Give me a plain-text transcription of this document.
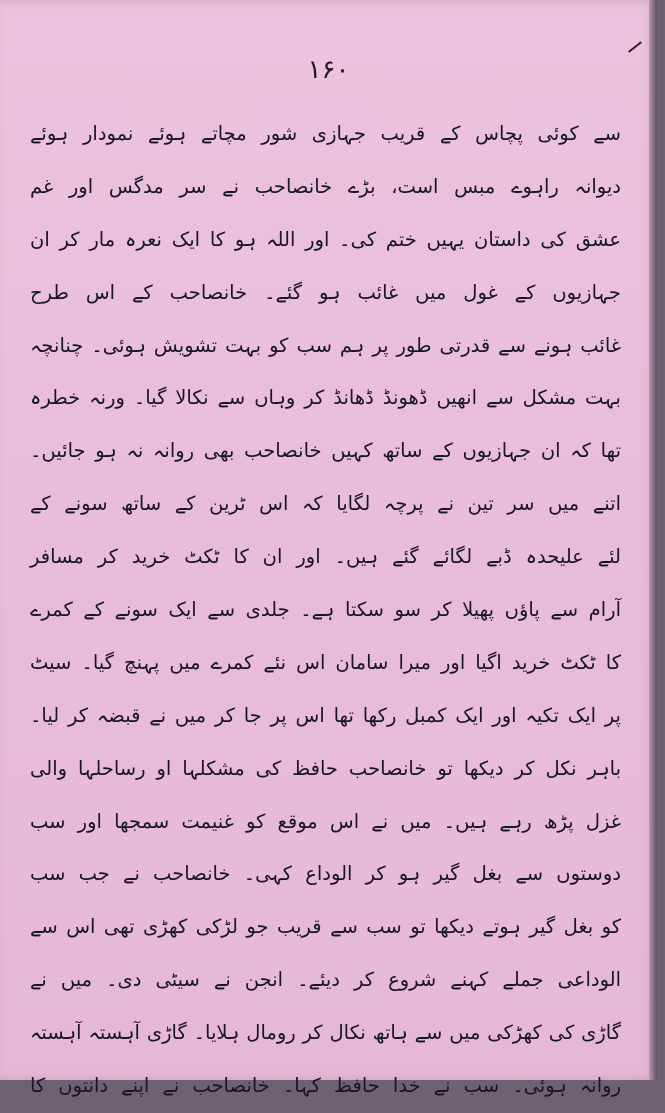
۱۶۰
سے کوئی پچاس کے قریب جہازی شور مچاتے ہوئے نمودار ہوئے
دیوانہ راہوے مبس است، بڑے خانصاحب نے سر مدگس اور غم
عشق کی داستان یہیں ختم کی۔ اور اللہ ہو کا ایک نعرہ مار کر ان
جہازیوں کے غول میں غائب ہو گئے۔ خانصاحب کے اس طرح
غائب ہونے سے قدرتی طور پر ہم سب کو بہت تشویش ہوئی۔ چنانچہ
بہت مشکل سے انھیں ڈھونڈ ڈھانڈ کر وہاں سے نکالا گیا۔ ورنہ خطرہ
تھا کہ ان جہازیوں کے ساتھ کہیں خانصاحب بھی روانہ نہ ہو جائیں۔
اتنے میں سر تین نے پرچہ لگایا کہ اس ٹرین کے ساتھ سونے کے
لئے علیحدہ ڈبے لگائے گئے ہیں۔ اور ان کا ٹکٹ خرید کر مسافر
آرام سے پاؤں پھیلا کر سو سکتا ہے۔ جلدی سے ایک سونے کے کمرے
کا ٹکٹ خرید اگیا اور میرا سامان اس نئے کمرے میں پہنچ گیا۔ سیٹ
پر ایک تکیہ اور ایک کمبل رکھا تھا اس پر جا کر میں نے قبضہ کر لیا۔
باہر نکل کر دیکھا تو خانصاحب حافظ کی مشکلہا او رساحلہا والی
غزل پڑھ رہے ہیں۔ میں نے اس موقع کو غنیمت سمجھا اور سب
دوستوں سے بغل گیر ہو کر الوداع کہی۔ خانصاحب نے جب سب
کو بغل گیر ہوتے دیکھا تو سب سے قریب جو لڑکی کھڑی تھی اس سے
الوداعی جملے کہنے شروع کر دیئے۔ انجن نے سیٹی دی۔ میں نے
گاڑی کی کھڑکی میں سے ہاتھ نکال کر رومال ہلایا۔ گاڑی آہستہ آہستہ
روانہ ہوئی۔ سب نے خدا حافظ کہا۔ خانصاحب نے اپنے دانتوں کا
